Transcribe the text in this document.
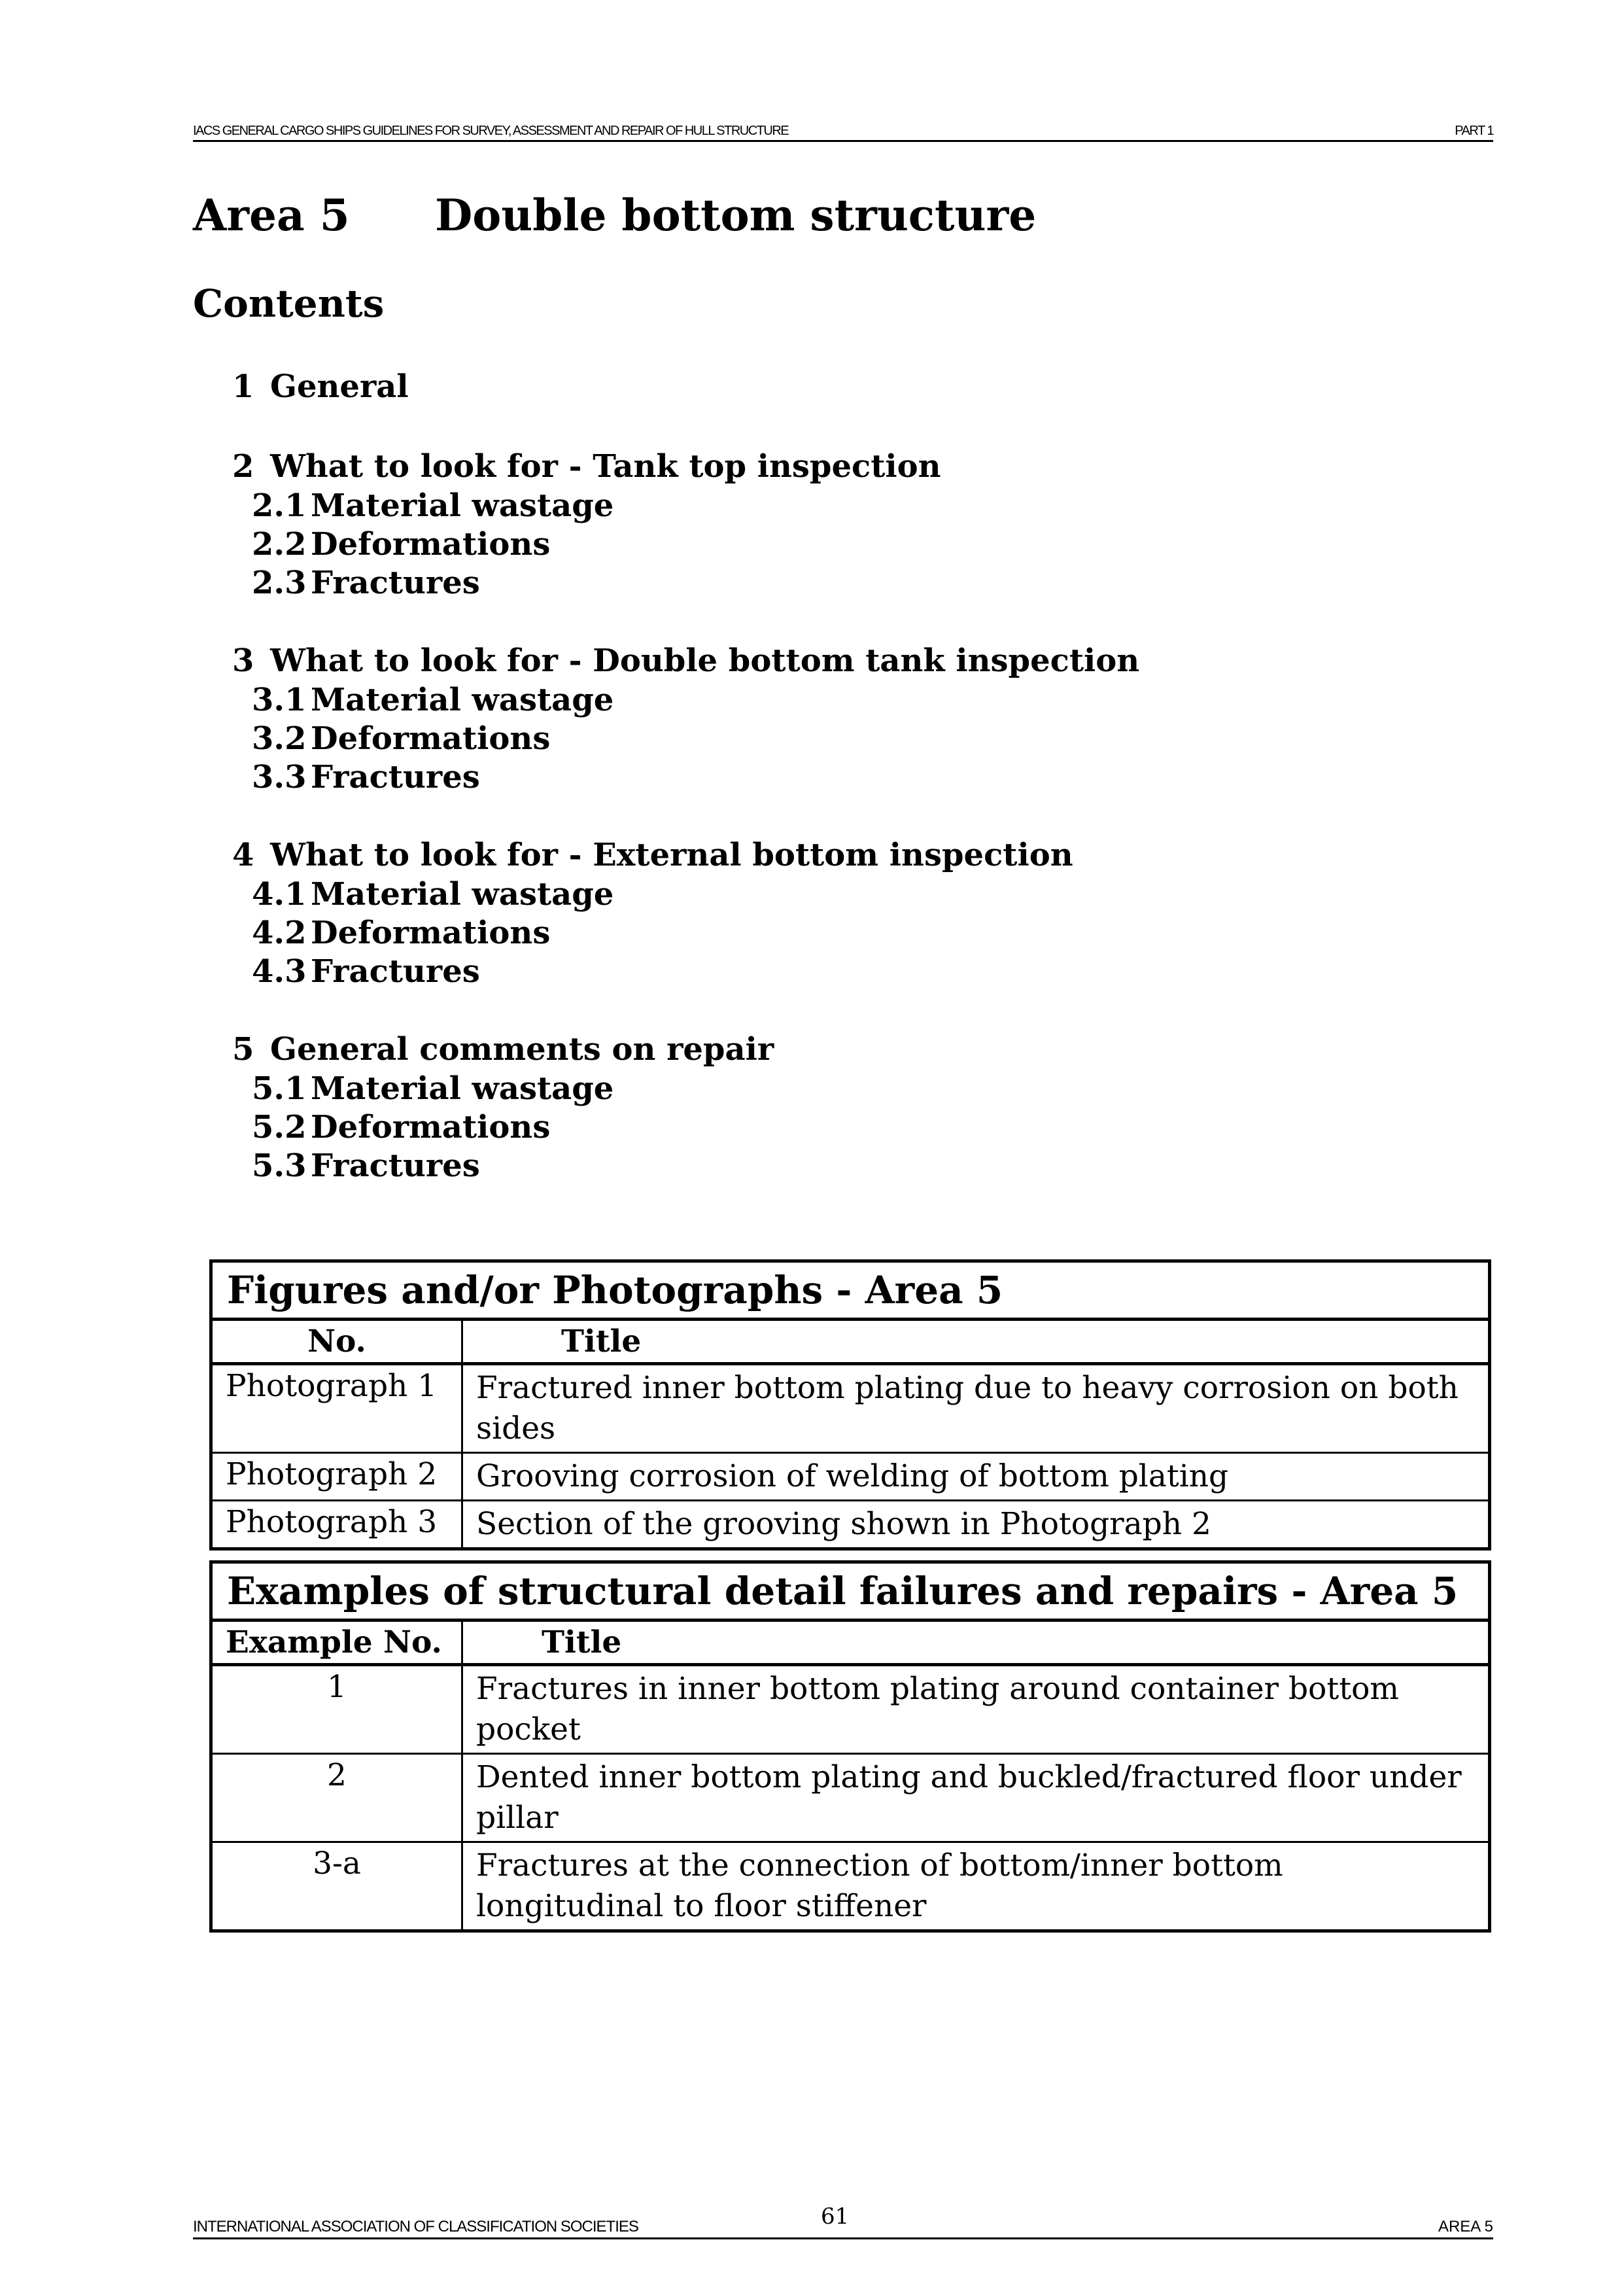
IACS GENERAL CARGO SHIPS GUIDELINES FOR SURVEY, ASSESSMENT AND REPAIR OF HULL STRUCTURE	PART 1
Area 5 Double bottom structure
Contents
1 General
2 What to look for - Tank top inspection
2.1 Material wastage
2.2 Deformations
2.3 Fractures
3 What to look for - Double bottom tank inspection
3.1 Material wastage
3.2 Deformations
3.3 Fractures
4 What to look for - External bottom inspection
4.1 Material wastage
4.2 Deformations
4.3 Fractures
5 General comments on repair
5.1 Material wastage
5.2 Deformations
5.3 Fractures
Figures and/or Photographs - Area 5	
No.	Title
Photograph 1	Fractured inner bottom plating due to heavy corrosion on both sides
Photograph 2	Grooving corrosion of welding of bottom plating
Photograph 3	Section of the grooving shown in Photograph 2
Examples of structural detail failures and repairs - Area 5	
Example No.	Title
1	Fractures in inner bottom plating around container bottom pocket
2	Dented inner bottom plating and buckled/fractured floor under pillar
3-a	Fractures at the connection of bottom/inner bottom longitudinal to floor stiffener
INTERNATIONAL ASSOCIATION OF CLASSIFICATION SOCIETIES	61	AREA 5
